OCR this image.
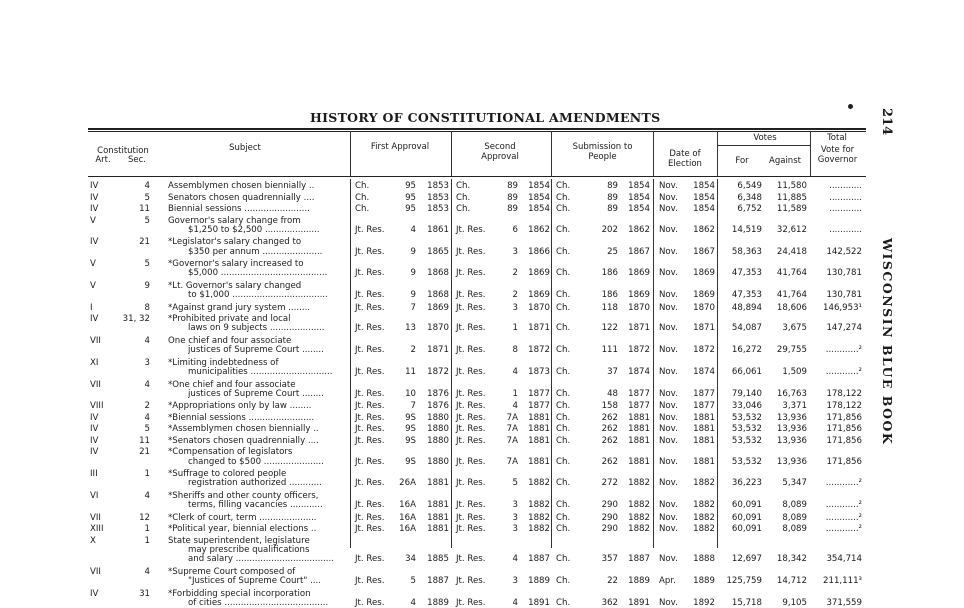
HISTORY OF CONSTITUTIONAL AMENDMENTS	214
WISCONSIN BLUE BOOK
Constitution
Art.	Sec.
Subject	First Approval	Second Approval
Submission to People	Date of Election
Votes
For	Against
Total
Vote for Governor
IV	4 Assemblymen chosen biennially ..	Ch.	95	1853 Ch.	89	1854 Ch.	89	1854 Nov.	1854	6,549	11,580	............
IV	5 Senators chosen quadrennially ....	Ch.	95	1853 Ch.	89	1854 Ch.	89	1854 Nov.	1854	6,348	11,885	............
IV	11 Biennial sessions ........................	Ch.	95	1853 Ch.	89	1854 Ch.	89	1854 Nov.	1854	6,752	11,589	............
V	5 Governor's salary change from
$1,250 to $2,500 ....................	Jt. Res.	4	1861 Jt. Res.	6	1862 Ch.	202	1862 Nov.	1862	14,519	32,612	............
IV	21 *Legislator's salary changed to
$350 per annum ......................	Jt. Res.	9	1865 Jt. Res.	3	1866 Ch.	25	1867 Nov.	1867	58,363	24,418	142,522
V	5 *Governor's salary increased to
$5,000 .......................................	Jt. Res.	9	1868 Jt. Res.	2	1869 Ch.	186	1869 Nov.	1869	47,353	41,764	130,781
V	9 *Lt. Governor's salary changed
to $1,000 ...................................	Jt. Res.	9	1868 Jt. Res.	2	1869 Ch.	186	1869 Nov.	1869	47,353	41,764	130,781
I	8 *Against grand jury system ........	Jt. Res.	7	1869 Jt. Res.	3	1870 Ch.	118	1870 Nov.	1870	48,894	18,606	146,953¹
IV	31, 32 *Prohibited private and local
laws on 9 subjects ....................	Jt. Res.	13	1870 Jt. Res.	1	1871 Ch.	122	1871 Nov.	1871	54,087	3,675	147,274
VII	4 One chief and four associate
justices of Supreme Court ........	Jt. Res.	2	1871 Jt. Res.	8	1872 Ch.	111	1872 Nov.	1872	16,272	29,755	............²
XI	3 *Limiting indebtedness of
municipalities ..............................	Jt. Res.	11	1872 Jt. Res.	4	1873 Ch.	37	1874 Nov.	1874	66,061	1,509	............²
VII	4 *One chief and four associate
justices of Supreme Court ........	Jt. Res.	10	1876 Jt. Res.	1	1877 Ch.	48	1877 Nov.	1877	79,140	16,763	178,122
VIII	2 *Appropriations only by law ........	Jt. Res.	7	1876 Jt. Res.	4	1877 Ch.	158	1877 Nov.	1877	33,046	3,371	178,122
IV	4 *Biennial sessions ........................	Jt. Res.	9S	1880 Jt. Res.	7A	1881 Ch.	262	1881 Nov.	1881	53,532	13,936	171,856
IV	5 *Assemblymen chosen biennially ..	Jt. Res.	9S	1880 Jt. Res.	7A	1881 Ch.	262	1881 Nov.	1881	53,532	13,936	171,856
IV	11 *Senators chosen quadrennially ....	Jt. Res.	9S	1880 Jt. Res.	7A	1881 Ch.	262	1881 Nov.	1881	53,532	13,936	171,856
IV	21 *Compensation of legislators
changed to $500 ......................	Jt. Res.	9S	1880 Jt. Res.	7A	1881 Ch.	262	1881 Nov.	1881	53,532	13,936	171,856
III	1 *Suffrage to colored people
registration authorized ............	Jt. Res. 26A	1881 Jt. Res.	5	1882 Ch.	272	1882 Nov.	1882	36,223	5,347	............²
VI	4 *Sheriffs and other county officers,
terms, filling vacancies ............	Jt. Res. 16A	1881 Jt. Res.	3	1882 Ch.	290	1882 Nov.	1882	60,091	8,089	............²
VII	12 *Clerk of court, term .....................	Jt. Res. 16A	1881 Jt. Res.	3	1882 Ch.	290	1882 Nov.	1882	60,091	8,089	............²
XIII	1 *Political year, biennial elections ..	Jt. Res. 16A	1881 Jt. Res.	3	1882 Ch.	290	1882 Nov.	1882	60,091	8,089	............²
X	1 State superintendent, legislature
may prescribe qualifications
and salary ....................................	Jt. Res.	34	1885 Jt. Res.	4	1887 Ch.	357	1887 Nov.	1888	12,697	18,342	354,714
VII	4 *Supreme Court composed of
"Justices of Supreme Court" ....	Jt. Res.	5	1887 Jt. Res.	3	1889 Ch.	22	1889 Apr.	1889	125,759	14,712	211,111³
IV	31 *Forbidding special incorporation
of cities ......................................	Jt. Res.	4	1889 Jt. Res.	4	1891 Ch.	362	1891 Nov.	1892	15,718	9,105	371,559
